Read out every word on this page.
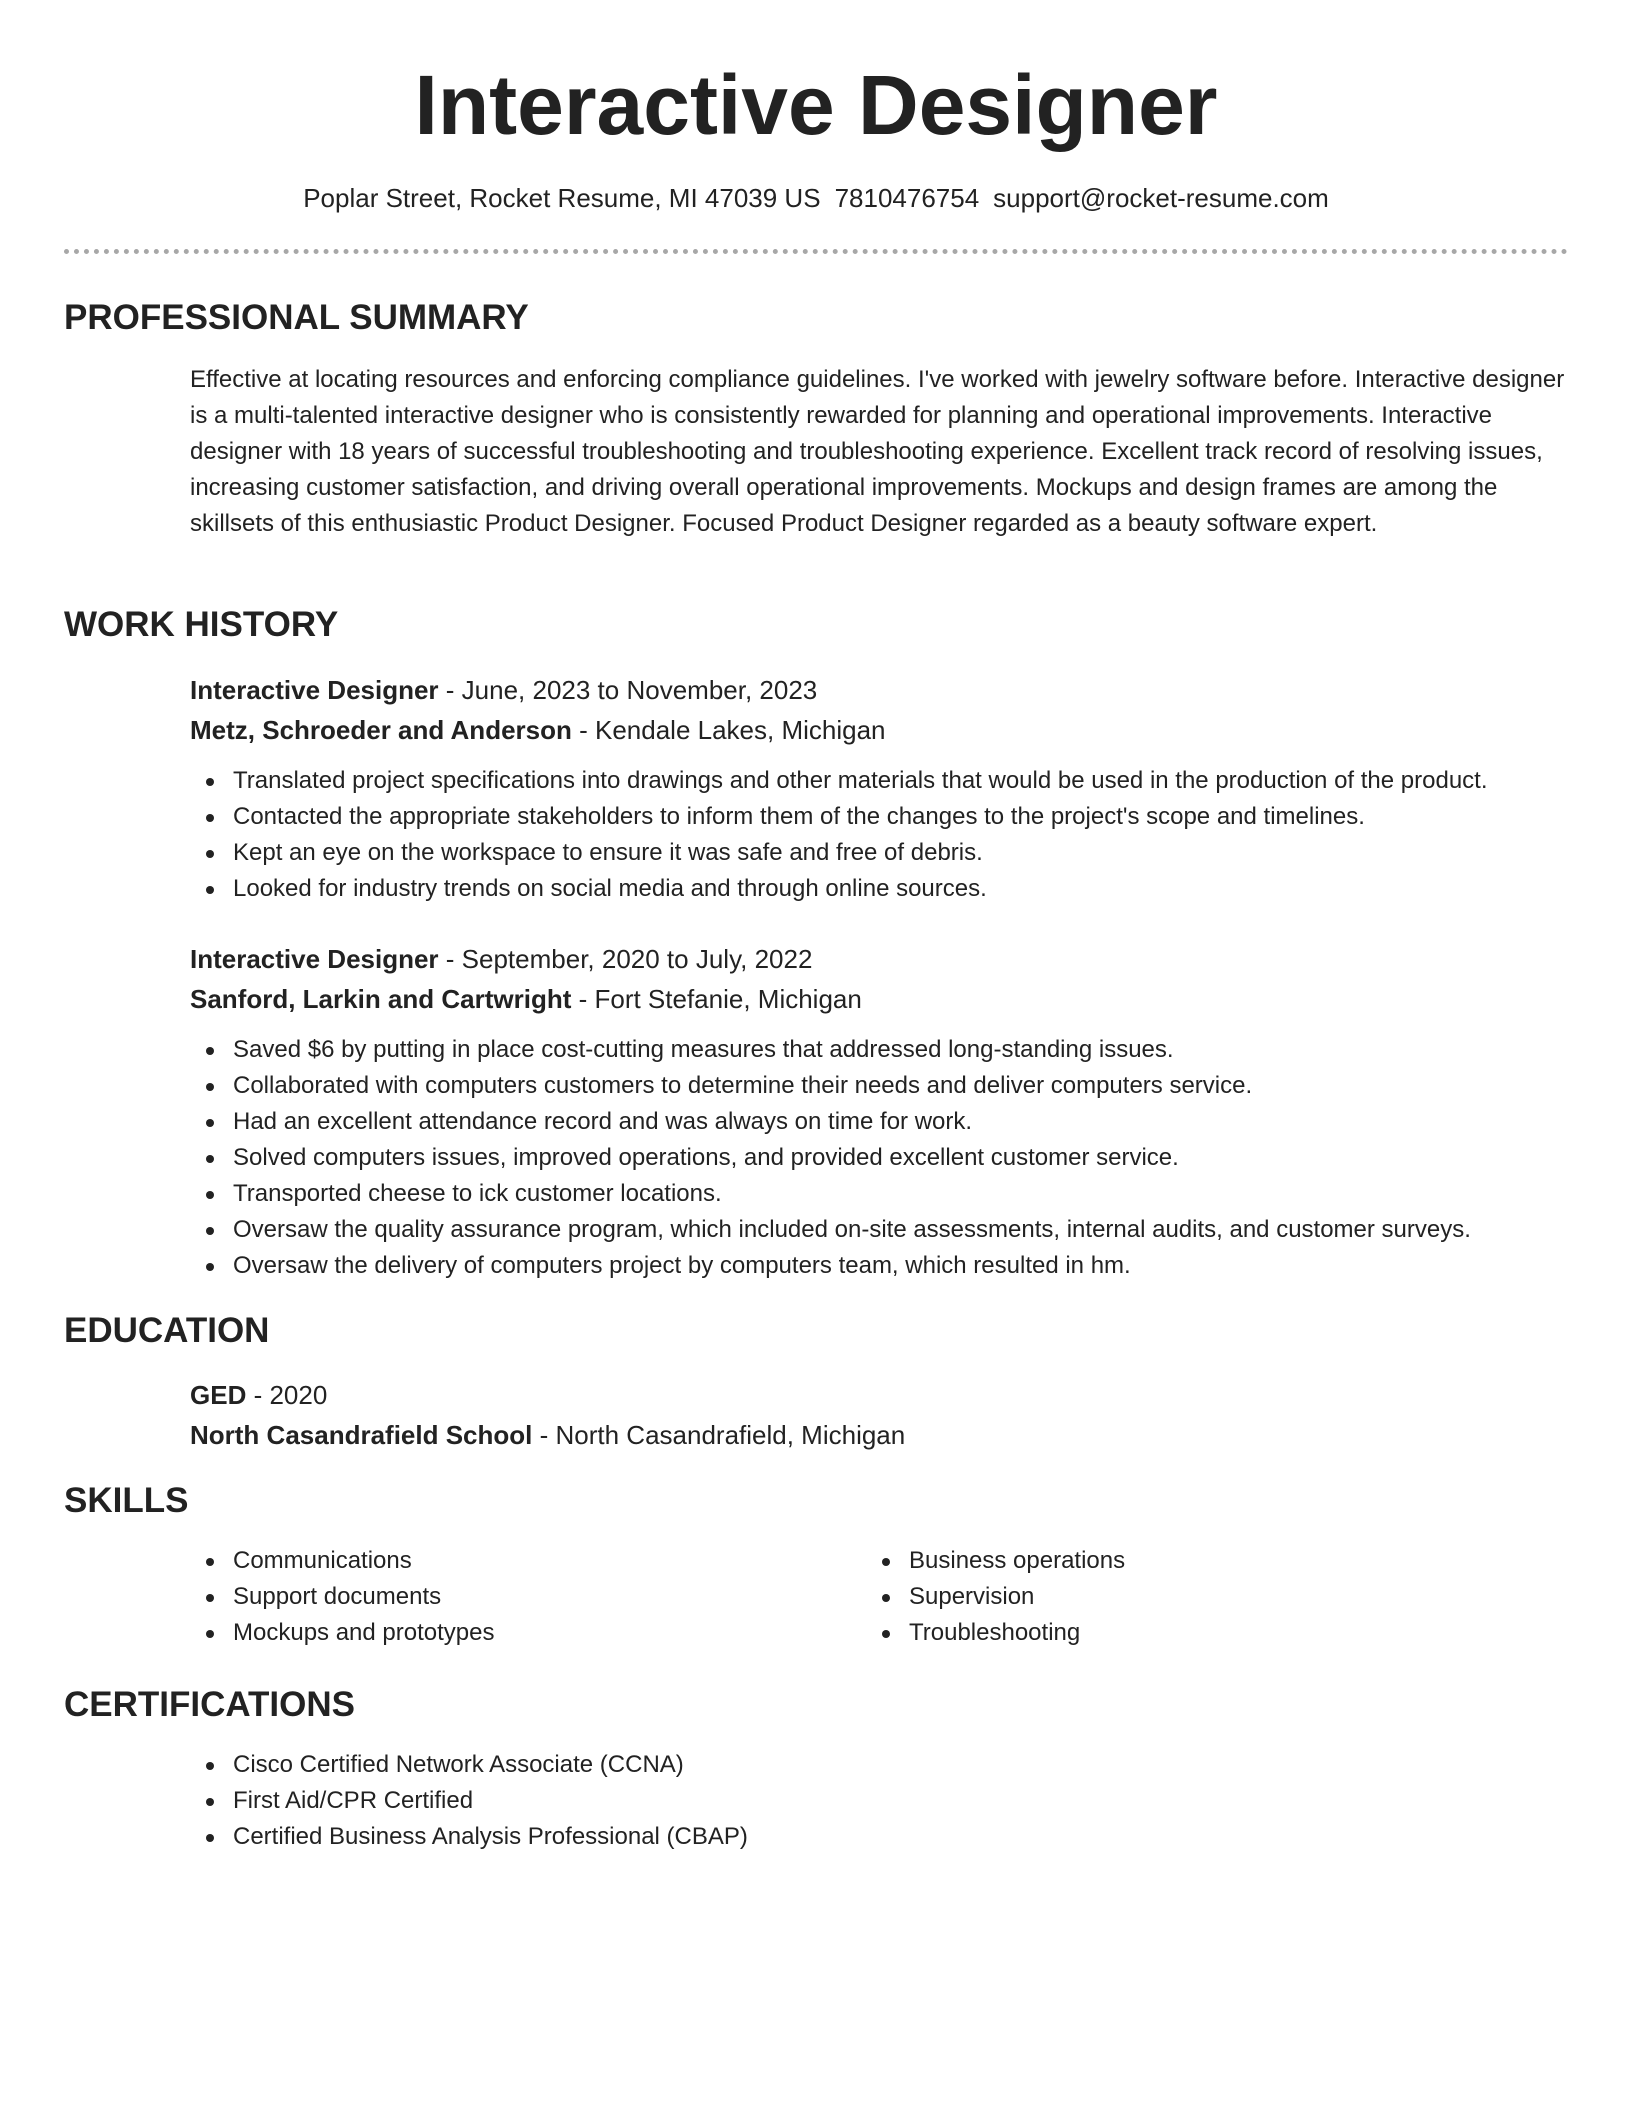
Interactive Designer
Poplar Street, Rocket Resume, MI 47039 US 7810476754 support@rocket-resume.com
PROFESSIONAL SUMMARY

Effective at locating resources and enforcing compliance guidelines. I've worked with jewelry software before. Interactive designer is a multi-talented interactive designer who is consistently rewarded for planning and operational improvements. Interactive designer with 18 years of successful troubleshooting and troubleshooting experience. Excellent track record of resolving issues, increasing customer satisfaction, and driving overall operational improvements. Mockups and design frames are among the skillsets of this enthusiastic Product Designer. Focused Product Designer regarded as a beauty software expert.

WORK HISTORY
Interactive Designer - June, 2023 to November, 2023
Metz, Schroeder and Anderson - Kendale Lakes, Michigan
Translated project specifications into drawings and other materials that would be used in the production of the product.
Contacted the appropriate stakeholders to inform them of the changes to the project's scope and timelines.
Kept an eye on the workspace to ensure it was safe and free of debris.
Looked for industry trends on social media and through online sources.
Interactive Designer - September, 2020 to July, 2022
Sanford, Larkin and Cartwright - Fort Stefanie, Michigan
Saved $6 by putting in place cost-cutting measures that addressed long-standing issues.
Collaborated with computers customers to determine their needs and deliver computers service.
Had an excellent attendance record and was always on time for work.
Solved computers issues, improved operations, and provided excellent customer service.
Transported cheese to ick customer locations.
Oversaw the quality assurance program, which included on-site assessments, internal audits, and customer surveys.
Oversaw the delivery of computers project by computers team, which resulted in hm.
EDUCATION
GED - 2020
North Casandrafield School - North Casandrafield, Michigan
SKILLS
Communications
Support documents
Mockups and prototypes
Business operations
Supervision
Troubleshooting
CERTIFICATIONS
Cisco Certified Network Associate (CCNA)
First Aid/CPR Certified
Certified Business Analysis Professional (CBAP)
